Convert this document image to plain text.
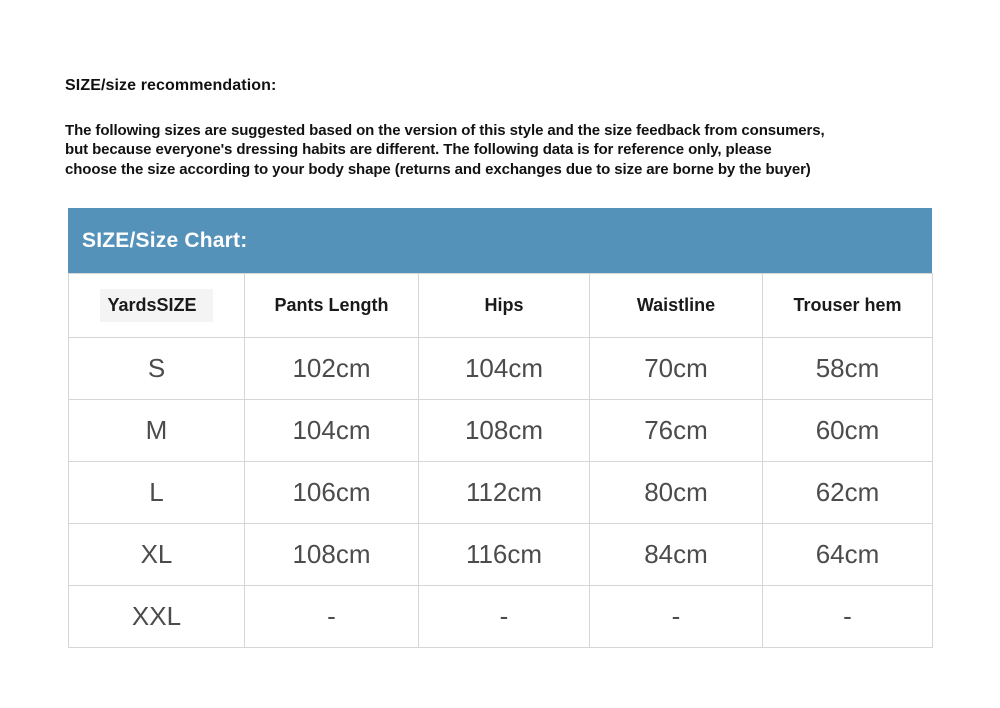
SIZE/size recommendation:
The following sizes are suggested based on the version of this style and the size feedback from consumers,
but because everyone's dressing habits are different. The following data is for reference only, please
choose the size according to your body shape (returns and exchanges due to size are borne by the buyer)
SIZE/Size Chart:
YardsSIZE	Pants Length	Hips	Waistline	Trouser hem
S	102cm	104cm	70cm	58cm
M	104cm	108cm	76cm	60cm
L	106cm	112cm	80cm	62cm
XL	108cm	116cm	84cm	64cm
XXL	-	-	-	-
